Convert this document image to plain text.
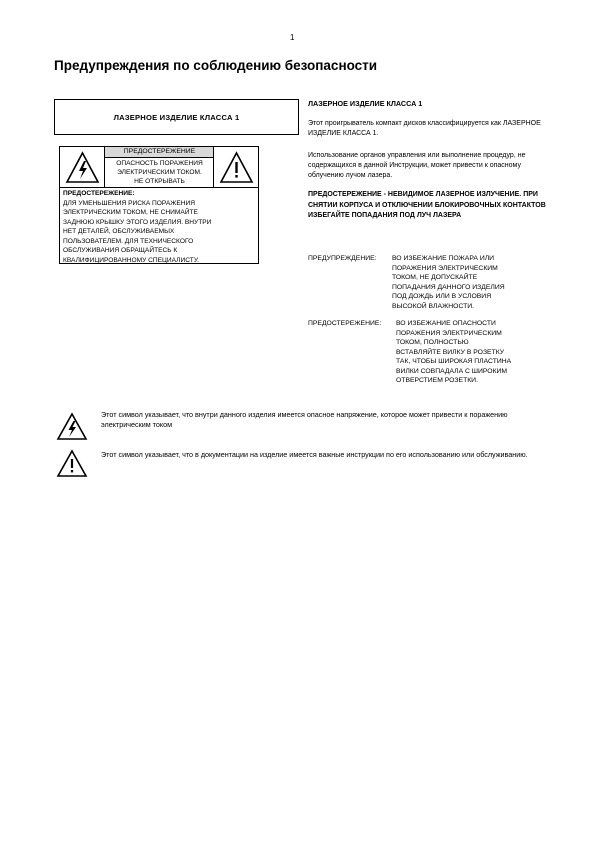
1
Предупреждения по соблюдению безопасности
ЛАЗЕРНОЕ ИЗДЕЛИЕ КЛАССА 1
ПРЕДОСТЕРЕЖЕНИЕ
ОПАСНОСТЬ ПОРАЖЕНИЯ
ЭЛЕКТРИЧЕСКИМ ТОКОМ.
НЕ ОТКРЫВАТЬ
ПРЕДОСТЕРЕЖЕНИЕ:
ДЛЯ УМЕНЬШЕНИЯ РИСКА ПОРАЖЕНИЯ
ЭЛЕКТРИЧЕСКИМ ТОКОМ, НЕ СНИМАЙТЕ
ЗАДНЮЮ КРЫШКУ ЭТОГО ИЗДЕЛИЯ. ВНУТРИ
НЕТ ДЕТАЛЕЙ, ОБСЛУЖИВАЕМЫХ
ПОЛЬЗОВАТЕЛЕМ. ДЛЯ ТЕХНИЧЕСКОГО
ОБСЛУЖИВАНИЯ ОБРАЩАЙТЕСЬ К
КВАЛИФИЦИРОВАННОМУ СПЕЦИАЛИСТУ.
ЛАЗЕРНОЕ ИЗДЕЛИЕ КЛАССА 1
Этот проигрыватель компакт дисков классифицируется как ЛАЗЕРНОЕ ИЗДЕЛИЕ КЛАССА 1.
Использование органов управления или выполнение процедур, не содержащихся в данной Инструкции, может привести к опасному облучению лучом лазера.
ПРЕДОСТЕРЕЖЕНИЕ - НЕВИДИМОЕ ЛАЗЕРНОЕ ИЗЛУЧЕНИЕ. ПРИ СНЯТИИ КОРПУСА И ОТКЛЮЧЕНИИ БЛОКИРОВОЧНЫХ КОНТАКТОВ ИЗБЕГАЙТЕ ПОПАДАНИЯ ПОД ЛУЧ ЛАЗЕРА
ПРЕДУПРЕЖДЕНИЕ: ВО ИЗБЕЖАНИЕ ПОЖАРА ИЛИ
ПОРАЖЕНИЯ ЭЛЕКТРИЧЕСКИМ
ТОКОМ, НЕ ДОПУСКАЙТЕ
ПОПАДАНИЯ ДАННОГО ИЗДЕЛИЯ
ПОД ДОЖДЬ ИЛИ В УСЛОВИЯ
ВЫСОКОЙ ВЛАЖНОСТИ.
ПРЕДОСТЕРЕЖЕНИЕ: ВО ИЗБЕЖАНИЕ ОПАСНОСТИ
ПОРАЖЕНИЯ ЭЛЕКТРИЧЕСКИМ
ТОКОМ, ПОЛНОСТЬЮ
ВСТАВЛЯЙТЕ ВИЛКУ В РОЗЕТКУ
ТАК, ЧТОБЫ ШИРОКАЯ ПЛАСТИНА
ВИЛКИ СОВПАДАЛА С ШИРОКИМ
ОТВЕРСТИЕМ РОЗЕТКИ.
Этот символ указывает, что внутри данного изделия имеется опасное напряжение, которое может привести к поражению электрическим током
Этот символ указывает, что в документации на изделие имеется важные инструкции по его использованию или обслуживанию.
